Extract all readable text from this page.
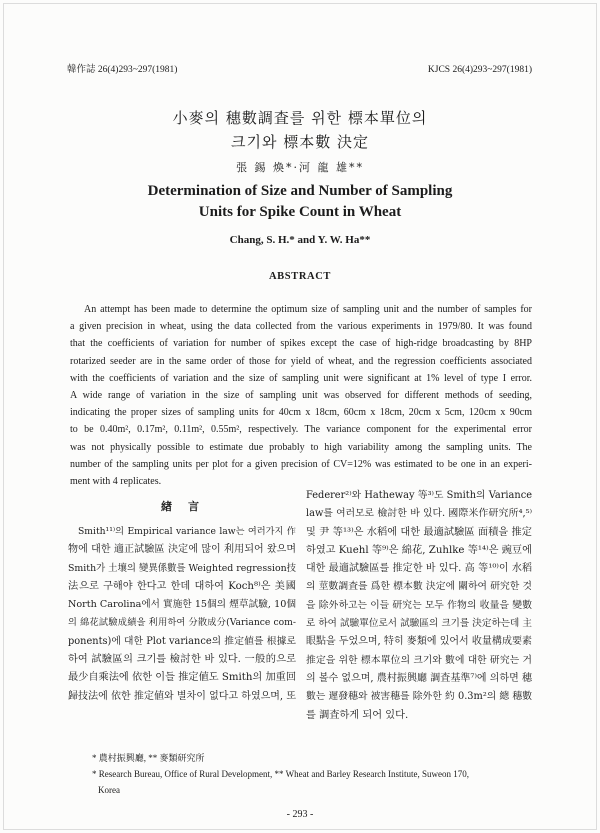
韓作誌 26(4)293~297(1981)	KJCS 26(4)293~297(1981)
小麥의 穗數調査를 위한 標本單位의
크기와 標本數 決定
張 錫 煥*·河 龍 雄**
Determination of Size and Number of Sampling
Units for Spike Count in Wheat
Chang, S. H.* and Y. W. Ha**
ABSTRACT
An attempt has been made to determine the optimum size of sampling unit and the number of samples for
a given precision in wheat, using the data collected from the various experiments in 1979/80. It was found
that the coefficients of variation for number of spikes except the case of high-ridge broadcasting by 8HP
rotarized seeder are in the same order of those for yield of wheat, and the regression coefficients associated
with the coefficients of variation and the size of sampling unit were significant at 1% level of type I error.
A wide range of variation in the size of sampling unit was observed for different methods of seeding,
indicating the proper sizes of sampling units for 40cm x 18cm, 60cm x 18cm, 20cm x 5cm, 120cm x 90cm
to be 0.40m², 0.17m², 0.11m², 0.55m², respectively. The variance component for the experimental error
was not physically possible to estimate due probably to high variability among the sampling units. The
number of the sampling units per plot for a given precision of CV=12% was estimated to be one in an experi-
ment with 4 replicates.
緖言
Smith¹¹⁾의 Empirical variance law는 여러가지 作
物에 대한 適正試驗區 決定에 많이 利用되어 왔으며
Smith가 土壤의 變異係數를 Weighted regression技
法으로 구해야 한다고 한데 대하여 Koch⁸⁾은 美國
North Carolina에서 實施한 15個의 煙草試驗, 10個
의 綿花試驗成績을 利用하여 分散成分(Variance com-
ponents)에 대한 Plot variance의 推定値를 根據로
하여 試驗區의 크기를 檢討한 바 있다. 一般的으로
最少自乘法에 依한 이들 推定値도 Smith의 加重回
歸技法에 依한 推定値와 별차이 없다고 하였으며, 또
Federer²⁾와 Hatheway 等³⁾도 Smith의 Variance
law를 여러모로 檢討한 바 있다. 國際米作研究所⁴,⁵⁾
및 尹 等¹³⁾은 水稻에 대한 最適試驗區 面積을 推定
하였고 Kuehl 等⁹⁾은 綿花, Zuhlke 等¹⁴⁾은 豌豆에
대한 最適試驗區를 推定한 바 있다. 高 等¹⁰⁾이 水稻
의 莖數調査를 爲한 標本數 決定에 關하여 研究한 것
을 除外하고는 이들 研究는 모두 作物의 收量을 變數
로 하여 試驗單位로서 試驗區의 크기를 決定하는데 主
眼點을 두었으며, 特히 麥類에 있어서 收量構成要素
推定을 위한 標本單位의 크기와 數에 대한 研究는 거
의 볼수 없으며, 農村振興廳 調査基準⁷⁾에 의하면 穗
數는 遲發穗와 被害穗를 除外한 約 0.3m²의 總 穗數
를 調査하게 되어 있다.
* 農村振興廳, ** 麥類研究所
* Research Bureau, Office of Rural Development, ** Wheat and Barley Research Institute, Suweon 170,
Korea
- 293 -
